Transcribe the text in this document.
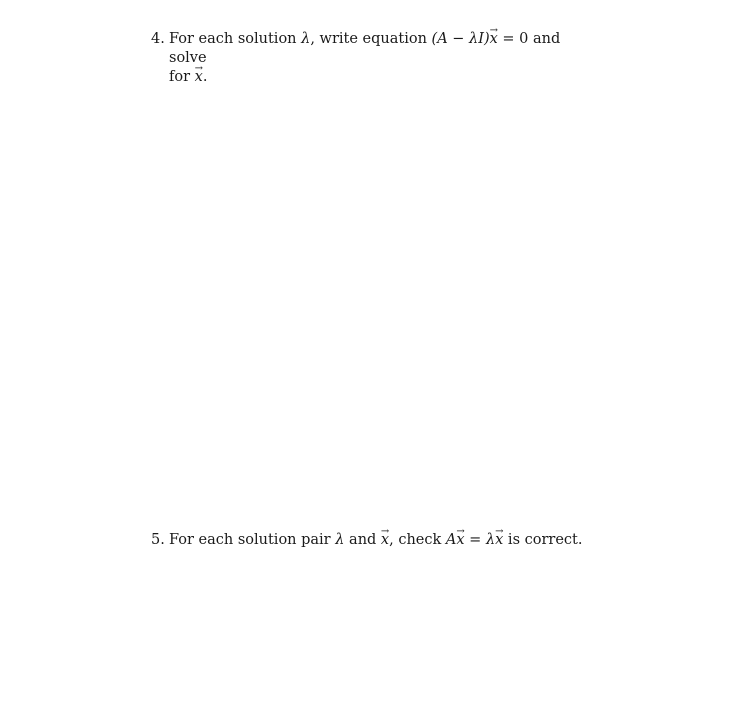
4. For each solution λ, write equation (A − λI)→ x = 0 and solve
for → x.
5. For each solution pair λ and → x, check A→ x = λ→ x is correct.
